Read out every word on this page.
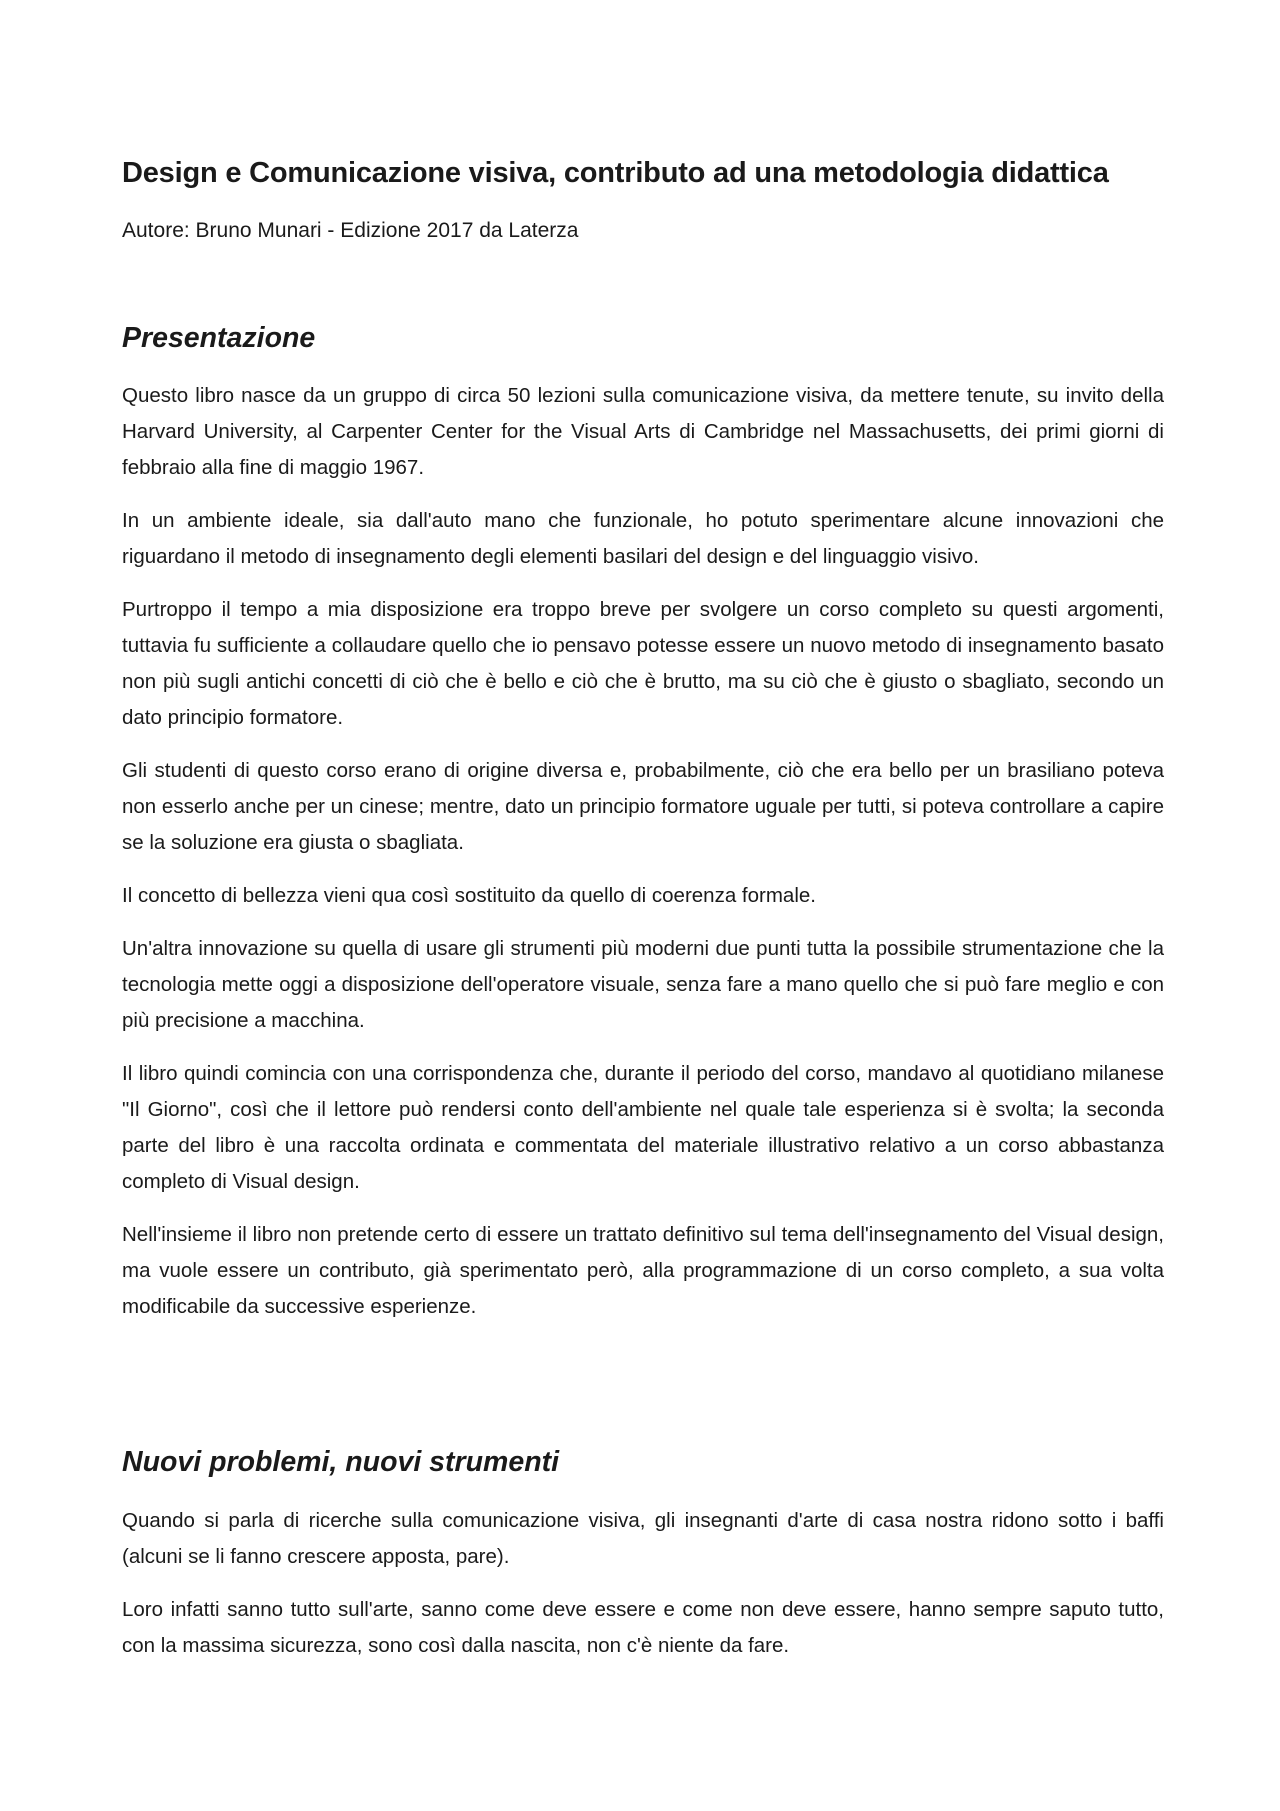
Design e Comunicazione visiva, contributo ad una metodologia didattica

Autore: Bruno Munari - Edizione 2017 da Laterza

Presentazione

Questo libro nasce da un gruppo di circa 50 lezioni sulla comunicazione visiva, da mettere tenute, su invito della Harvard University, al Carpenter Center for the Visual Arts di Cambridge nel Massachusetts, dei primi giorni di febbraio alla fine di maggio 1967.

In un ambiente ideale, sia dall'auto mano che funzionale, ho potuto sperimentare alcune innovazioni che riguardano il metodo di insegnamento degli elementi basilari del design e del linguaggio visivo.

Purtroppo il tempo a mia disposizione era troppo breve per svolgere un corso completo su questi argomenti, tuttavia fu sufficiente a collaudare quello che io pensavo potesse essere un nuovo metodo di insegnamento basato non più sugli antichi concetti di ciò che è bello e ciò che è brutto, ma su ciò che è giusto o sbagliato, secondo un dato principio formatore.

Gli studenti di questo corso erano di origine diversa e, probabilmente, ciò che era bello per un brasiliano poteva non esserlo anche per un cinese; mentre, dato un principio formatore uguale per tutti, si poteva controllare a capire se la soluzione era giusta o sbagliata.

Il concetto di bellezza vieni qua così sostituito da quello di coerenza formale.

Un'altra innovazione su quella di usare gli strumenti più moderni due punti tutta la possibile strumentazione che la tecnologia mette oggi a disposizione dell'operatore visuale, senza fare a mano quello che si può fare meglio e con più precisione a macchina.

Il libro quindi comincia con una corrispondenza che, durante il periodo del corso, mandavo al quotidiano milanese "Il Giorno", così che il lettore può rendersi conto dell'ambiente nel quale tale esperienza si è svolta; la seconda parte del libro è una raccolta ordinata e commentata del materiale illustrativo relativo a un corso abbastanza completo di Visual design.

Nell'insieme il libro non pretende certo di essere un trattato definitivo sul tema dell'insegnamento del Visual design, ma vuole essere un contributo, già sperimentato però, alla programmazione di un corso completo, a sua volta modificabile da successive esperienze.

Nuovi problemi, nuovi strumenti

Quando si parla di ricerche sulla comunicazione visiva, gli insegnanti d'arte di casa nostra ridono sotto i baffi (alcuni se li fanno crescere apposta, pare).

Loro infatti sanno tutto sull'arte, sanno come deve essere e come non deve essere, hanno sempre saputo tutto, con la massima sicurezza, sono così dalla nascita, non c'è niente da fare.
